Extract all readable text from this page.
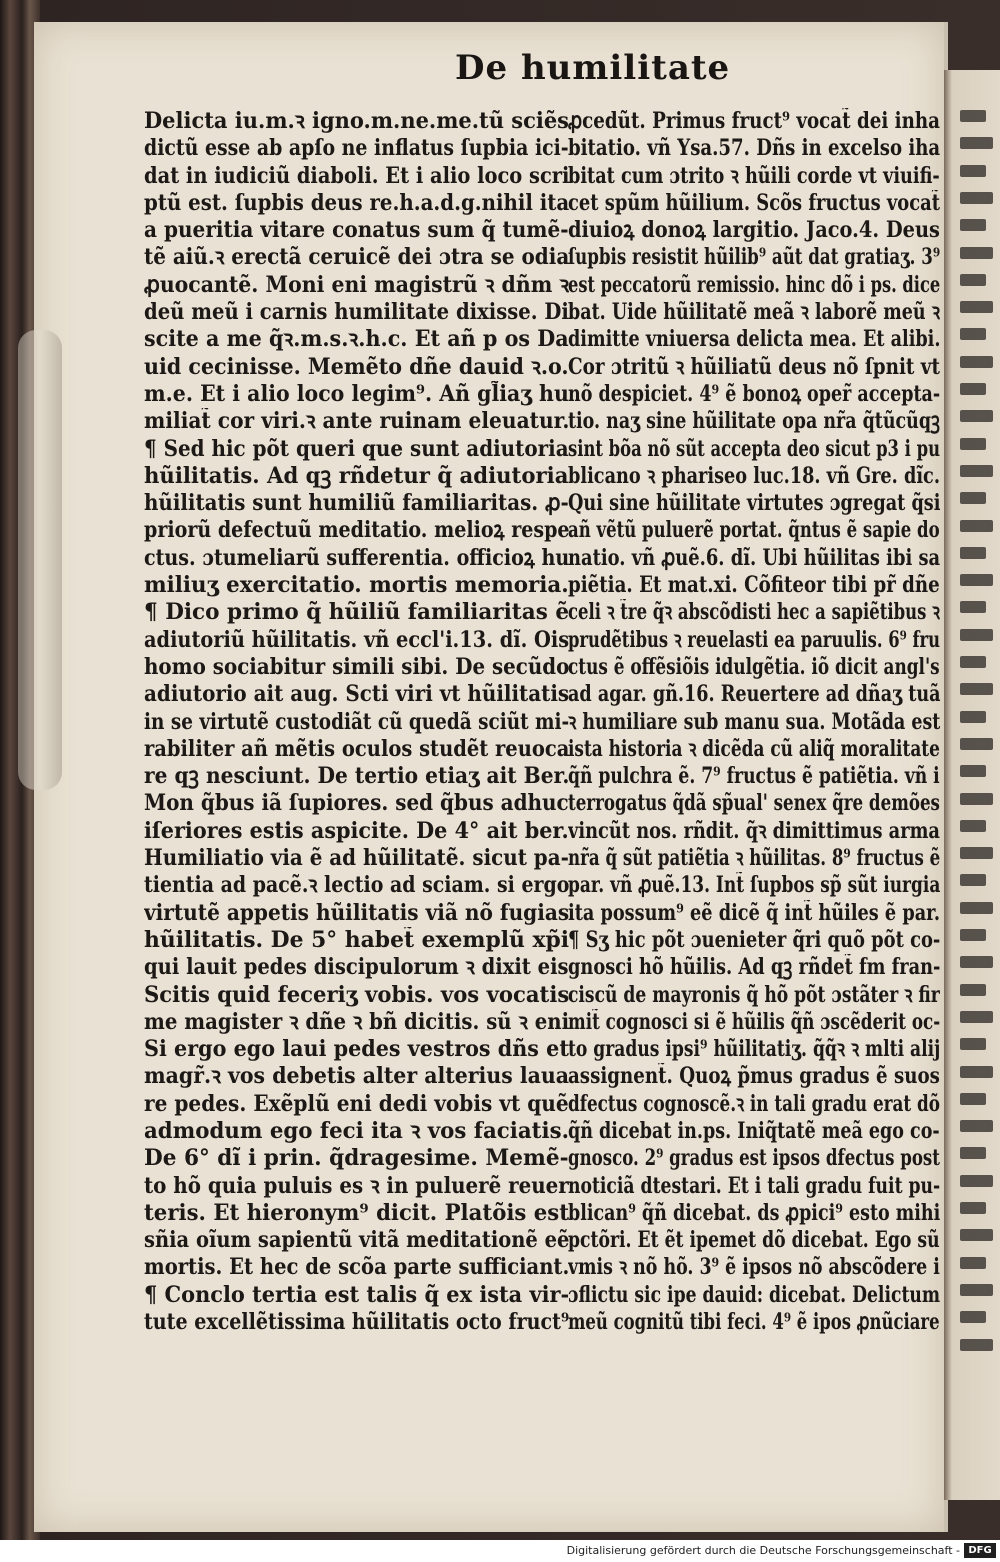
De humilitate
Delicta iu.m.ꝛ igno.m.ne.me.tũ sciẽs
dictũ esse ab apſo ne inflatus ſupbia ici-
dat in iudiciũ diaboli. Et i alio loco scri
ptũ est. ſupbis deus re.h.a.d.g.nihil ita
a pueritia vitare conatus sum q̃ tumẽ-
tẽ aiũ.ꝛ erectã ceruicẽ dei ɔtra se odia
ꝓuocantẽ. Moni eni magistrũ ꝛ dñm ꝛ
deũ meũ i carnis humilitate dixisse. Di
scite a me q̃ꝛ.m.s.ꝛ.h.c. Et añ p os Da
uid cecinisse. Memẽto dñe dauid ꝛ.o.
m.e. Et i alio loco legim⁹. Añ gl̃iaʒ hu
miliat̃ cor viri.ꝛ ante ruinam eleuatur.
¶ Sed hic põt queri que sunt adiutoria
hũilitatis. Ad qꝫ rñdetur q̃ adiutoria
hũilitatis sunt humiliũ familiaritas. ꝓ-
priorũ defectuũ meditatio. melioꝝ respe
ctus. ɔtumeliarũ sufferentia. officioꝝ hu
miliuʒ exercitatio. mortis memoria.
¶ Dico primo q̃ hũiliũ familiaritas ẽ
adiutoriũ hũilitatis. vñ eccl'i.13. dĩ. Ois
homo sociabitur simili sibi. De secũdo
adiutorio ait aug. Scti viri vt hũilitatis
in se virtutẽ custodiãt cũ quedã sciũt mi-
rabiliter añ mẽtis oculos studẽt reuoca
re qꝫ nesciunt. De tertio etiaʒ ait Ber.
Mon q̃bus iã ſupiores. sed q̃bus adhuc
iſeriores estis aspicite. De 4° ait ber.
Humiliatio via ẽ ad hũilitatẽ. sicut pa-
tientia ad pacẽ.ꝛ lectio ad sciam. si ergo
virtutẽ appetis hũilitatis viã nõ fugias
hũilitatis. De 5° habet̃ exemplũ xp̃i
qui lauit pedes discipulorum ꝛ dixit eis
Scitis quid feceriʒ vobis. vos vocatis
me magister ꝛ dñe ꝛ bñ dicitis. sũ ꝛ eni
Si ergo ego laui pedes vestros dñs et
magr̃.ꝛ vos debetis alter alterius laua
re pedes. Exẽplũ eni dedi vobis vt quẽ
admodum ego feci ita ꝛ vos faciatis.
De 6° dĩ i prin. q̃dragesime. Memẽ-
to hõ quia puluis es ꝛ in puluerẽ reuer
teris. Et hieronym⁹ dicit. Platõis est
sñia oĩum sapientũ vitã meditationẽ eẽ
mortis. Et hec de scõa parte sufficiant.
¶ Conclo tertia est talis q̃ ex ista vir-
tute excellẽtissima hũilitatis octo fruct⁹
ꝓcedũt. Primus fruct⁹ vocat̃ dei inha
bitatio. vñ Ysa.57. Dñs in excelso iha
bitat cum ɔtrito ꝛ hũili corde vt viuifi-
cet spũm hũilium. Scõs fructus vocat̃
diuioꝝ donoꝝ largitio. Jaco.4. Deus
ſupbis resistit hũilib⁹ aũt dat gratiaʒ. 3⁹
est peccatorũ remissio. hinc dõ i ps. dice
bat. Uide hũilitatẽ meã ꝛ laborẽ meũ ꝛ
dimitte vniuersa delicta mea. Et alibi.
Cor ɔtritũ ꝛ hũiliatũ deus nõ ſpnit vt
nõ despiciet. 4⁹ ẽ bonoꝝ oper̃ accepta-
tio. naʒ sine hũilitate opa nr̃a q̃tũcũqꝫ
sint bõa nõ sũt accepta deo sicut p3 i pu
blicano ꝛ phariseo luc.18. vñ Gre. dĩc.
Qui sine hũilitate virtutes ɔgregat q̃si
añ vẽtũ puluerẽ portat. q̃ntus ẽ sapie do
natio. vñ ꝓuẽ.6. dĩ. Ubi hũilitas ibi sa
piẽtia. Et mat.xi. Cõfiteor tibi pr̃ dñe
celi ꝛ t̃re q̃ꝛ abscõdisti hec a sapiẽtibus ꝛ
prudẽtibus ꝛ reuelasti ea paruulis. 6⁹ fru
ctus ẽ offẽsiõis idulgẽtia. iõ dicit angl's
ad agar. gñ.16. Reuertere ad dñaʒ tuã
ꝛ humiliare sub manu sua. Motãda est
ista historia ꝛ dicẽda cũ aliq̃ moralitate
q̃ñ pulchra ẽ. 7⁹ fructus ẽ patiẽtia. vñ i
terrogatus q̃dã sp̃ual' senex q̃re demões
vincũt nos. rñdit. q̃ꝛ dimittimus arma
nr̃a q̃ sũt patiẽtia ꝛ hũilitas. 8⁹ fructus ẽ
par. vñ ꝓuẽ.13. Int̃ ſupbos sp̃ sũt iurgia
ita possum⁹ eẽ dicẽ q̃ int̃ hũiles ẽ par.
¶ Sʒ hic põt ɔuenieter q̃ri quõ põt co-
gnosci hõ hũilis. Ad qꝫ rñdet̃ fm fran-
ciscũ de mayronis q̃ hõ põt ɔstãter ꝛ fir
mit̃ cognosci si ẽ hũilis q̃ñ ɔscẽderit oc-
to gradus ipsi⁹ hũilitatiʒ. q̃q̃ꝛ ꝛ mlti alij
assignent̃. Quoꝝ p̃mus gradus ẽ suos
dfectus cognoscẽ.ꝛ in tali gradu erat dõ
q̃ñ dicebat in.ps. Iniq̃tatẽ meã ego co-
gnosco. 2⁹ gradus est ipsos dfectus post
noticiã dtestari. Et i tali gradu fuit pu-
blican⁹ q̃ñ dicebat. ds ꝓpici⁹ esto mihi
pctõri. Et ẽt ipemet dõ dicebat. Ego sũ
vmis ꝛ nõ hõ. 3⁹ ẽ ipsos nõ abscõdere i
ɔflictu sic ipe dauid: dicebat. Delictum
meũ cognitũ tibi feci. 4⁹ ẽ ipos ꝓnũciare
Digitalisierung gefördert durch die Deutsche Forschungsgemeinschaft - DFG
